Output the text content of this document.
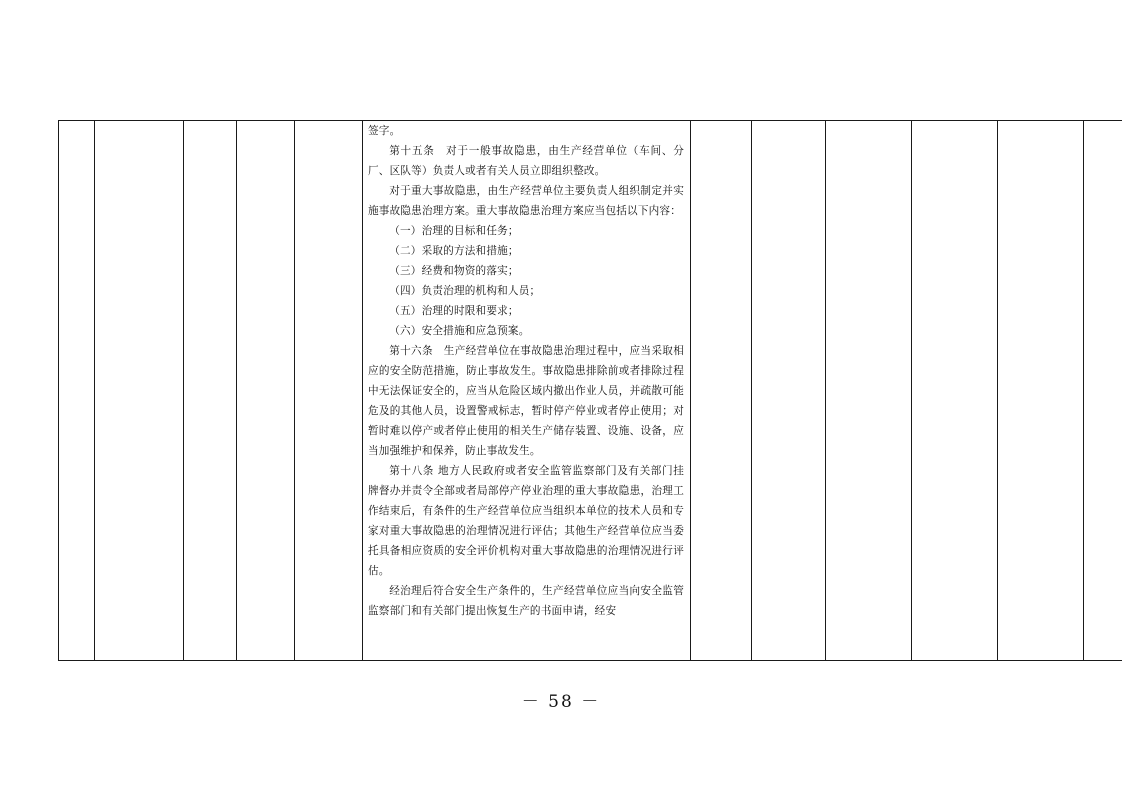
签字。

第十五条　对于一般事故隐患，由生产经营单位（车间、分厂、区队等）负责人或者有关人员立即组织整改。

对于重大事故隐患，由生产经营单位主要负责人组织制定并实施事故隐患治理方案。重大事故隐患治理方案应当包括以下内容：

（一）治理的目标和任务；

（二）采取的方法和措施；

（三）经费和物资的落实；

（四）负责治理的机构和人员；

（五）治理的时限和要求；

（六）安全措施和应急预案。

第十六条　生产经营单位在事故隐患治理过程中，应当采取相应的安全防范措施，防止事故发生。事故隐患排除前或者排除过程中无法保证安全的，应当从危险区域内撤出作业人员，并疏散可能危及的其他人员，设置警戒标志，暂时停产停业或者停止使用；对暂时难以停产或者停止使用的相关生产储存装置、设施、设备，应当加强维护和保养，防止事故发生。

第十八条 地方人民政府或者安全监管监察部门及有关部门挂牌督办并责令全部或者局部停产停业治理的重大事故隐患，治理工作结束后，有条件的生产经营单位应当组织本单位的技术人员和专家对重大事故隐患的治理情况进行评估；其他生产经营单位应当委托具备相应资质的安全评价机构对重大事故隐患的治理情况进行评估。

经治理后符合安全生产条件的，生产经营单位应当向安全监管监察部门和有关部门提出恢复生产的书面申请，经安

－ 58 －
